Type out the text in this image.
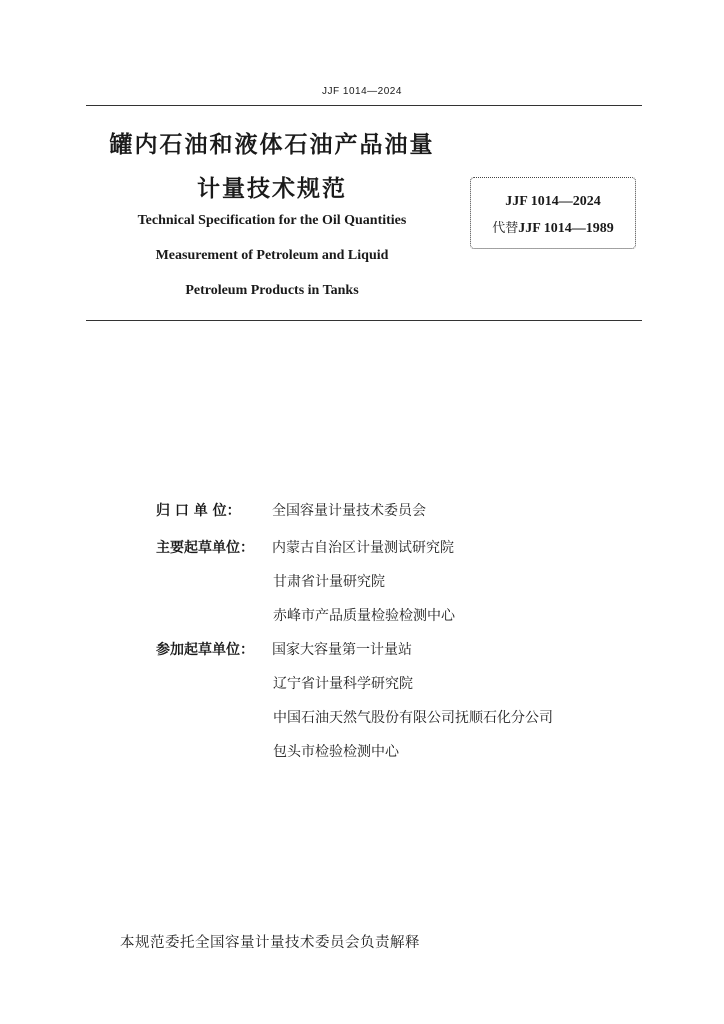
JJF 1014—2024
罐内石油和液体石油产品油量
计量技术规范
Technical Specification for the Oil Quantities
Measurement of Petroleum and Liquid
Petroleum Products in Tanks
JJF 1014—2024
代替JJF 1014—1989
归 口 单 位： 全国容量计量技术委员会
主要起草单位： 内蒙古自治区计量测试研究院
甘肃省计量研究院
赤峰市产品质量检验检测中心
参加起草单位： 国家大容量第一计量站
辽宁省计量科学研究院
中国石油天然气股份有限公司抚顺石化分公司
包头市检验检测中心
本规范委托全国容量计量技术委员会负责解释
